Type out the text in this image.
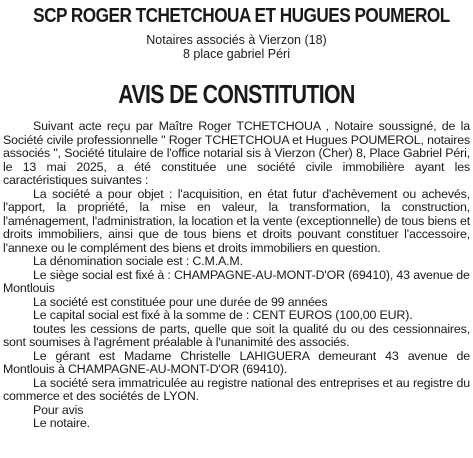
SCP ROGER TCHETCHOUA ET HUGUES POUMEROL
Notaires associés à Vierzon (18)
8 place gabriel Péri
AVIS DE CONSTITUTION

Suivant acte reçu par Maître Roger TCHETCHOUA , Notaire soussigné, de la Société civile professionnelle " Roger TCHETCHOUA et Hugues POUMEROL, notaires associés ", Société titulaire de l'office notarial sis à Vierzon (Cher) 8, Place Gabriel Péri, le 13 mai 2025, a été constituée une société civile immobilière ayant les caractéristiques suivantes :

La société a pour objet : l'acquisition, en état futur d'achèvement ou achevés, l'apport, la propriété, la mise en valeur, la transformation, la construction, l'aménagement, l'administration, la location et la vente (exceptionnelle) de tous biens et droits immobiliers, ainsi que de tous biens et droits pouvant constituer l'accessoire, l'annexe ou le complément des biens et droits immobiliers en question.

La dénomination sociale est : C.M.A.M.

Le siège social est fixé à : CHAMPAGNE-AU-MONT-D'OR (69410), 43 avenue de Montlouis

La société est constituée pour une durée de 99 années

Le capital social est fixé à la somme de : CENT EUROS (100,00 EUR).

toutes les cessions de parts, quelle que soit la qualité du ou des cessionnaires, sont soumises à l'agrément préalable à l'unanimité des associés.

Le gérant est Madame Christelle LAHIGUERA demeurant 43 avenue de Montlouis à CHAMPAGNE-AU-MONT-D'OR (69410).

La société sera immatriculée au registre national des entreprises et au registre du commerce et des sociétés de LYON.

Pour avis

Le notaire.
